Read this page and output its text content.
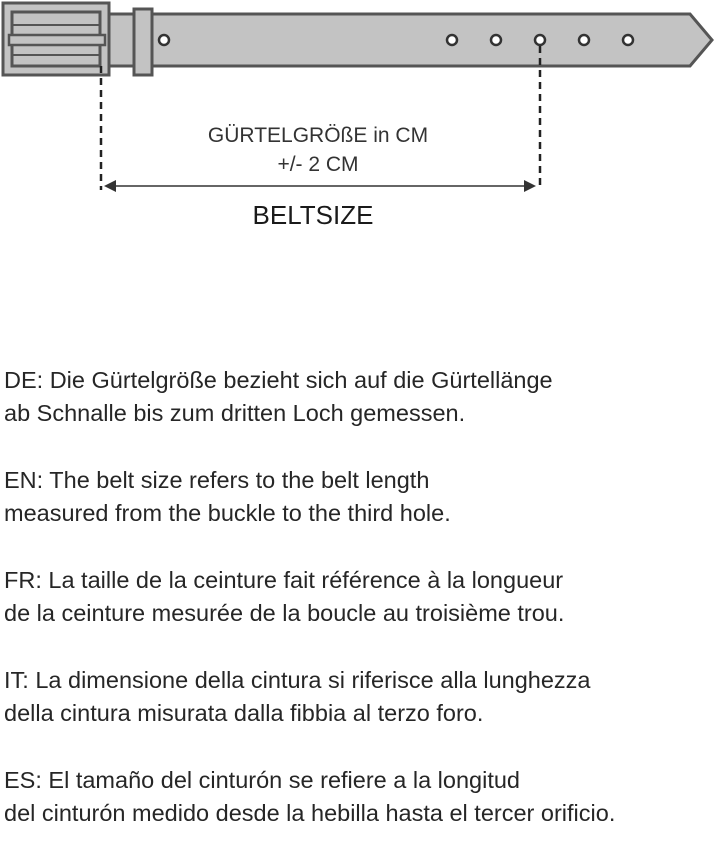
GÜRTELGRÖßE in CM
+/- 2 CM
BELTSIZE

DE: Die Gürtelgröße bezieht sich auf die Gürtellänge
ab Schnalle bis zum dritten Loch gemessen.

EN: The belt size refers to the belt length
measured from the buckle to the third hole.

FR: La taille de la ceinture fait référence à la longueur
de la ceinture mesurée de la boucle au troisième trou.

IT: La dimensione della cintura si riferisce alla lunghezza
della cintura misurata dalla fibbia al terzo foro.

ES: El tamaño del cinturón se refiere a la longitud
del cinturón medido desde la hebilla hasta el tercer orificio.
